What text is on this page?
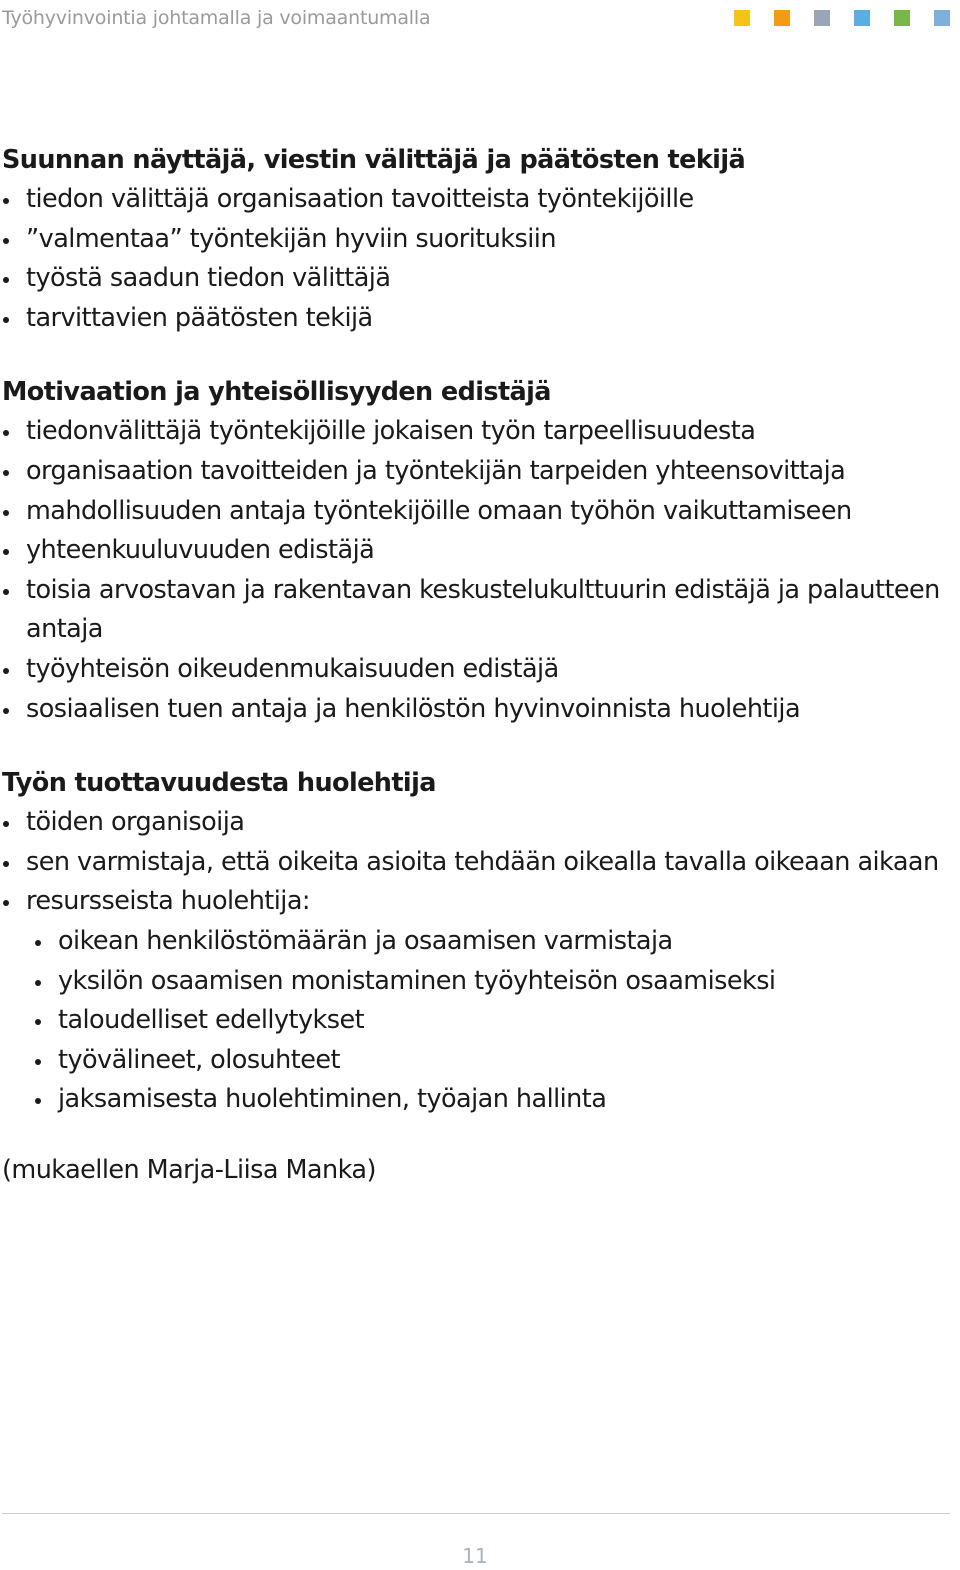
Työhyvinvointia johtamalla ja voimaantumalla
Suunnan näyttäjä, viestin välittäjä ja päätösten tekijä
tiedon välittäjä organisaation tavoitteista työntekijöille
”valmentaa” työntekijän hyviin suorituksiin
työstä saadun tiedon välittäjä
tarvittavien päätösten tekijä
Motivaation ja yhteisöllisyyden edistäjä
tiedonvälittäjä työntekijöille jokaisen työn tarpeellisuudesta
organisaation tavoitteiden ja työntekijän tarpeiden yhteensovittaja
mahdollisuuden antaja työntekijöille omaan työhön vaikuttamiseen
yhteenkuuluvuuden edistäjä
toisia arvostavan ja rakentavan keskustelukulttuurin edistäjä ja palautteen antaja
työyhteisön oikeudenmukaisuuden edistäjä
sosiaalisen tuen antaja ja henkilöstön hyvinvoinnista huolehtija
Työn tuottavuudesta huolehtija
töiden organisoija
sen varmistaja, että oikeita asioita tehdään oikealla tavalla oikeaan aikaan
resursseista huolehtija:
oikean henkilöstömäärän ja osaamisen varmistaja
yksilön osaamisen monistaminen työyhteisön osaamiseksi
taloudelliset edellytykset
työvälineet, olosuhteet
jaksamisesta huolehtiminen, työajan hallinta
(mukaellen Marja-Liisa Manka)
11
